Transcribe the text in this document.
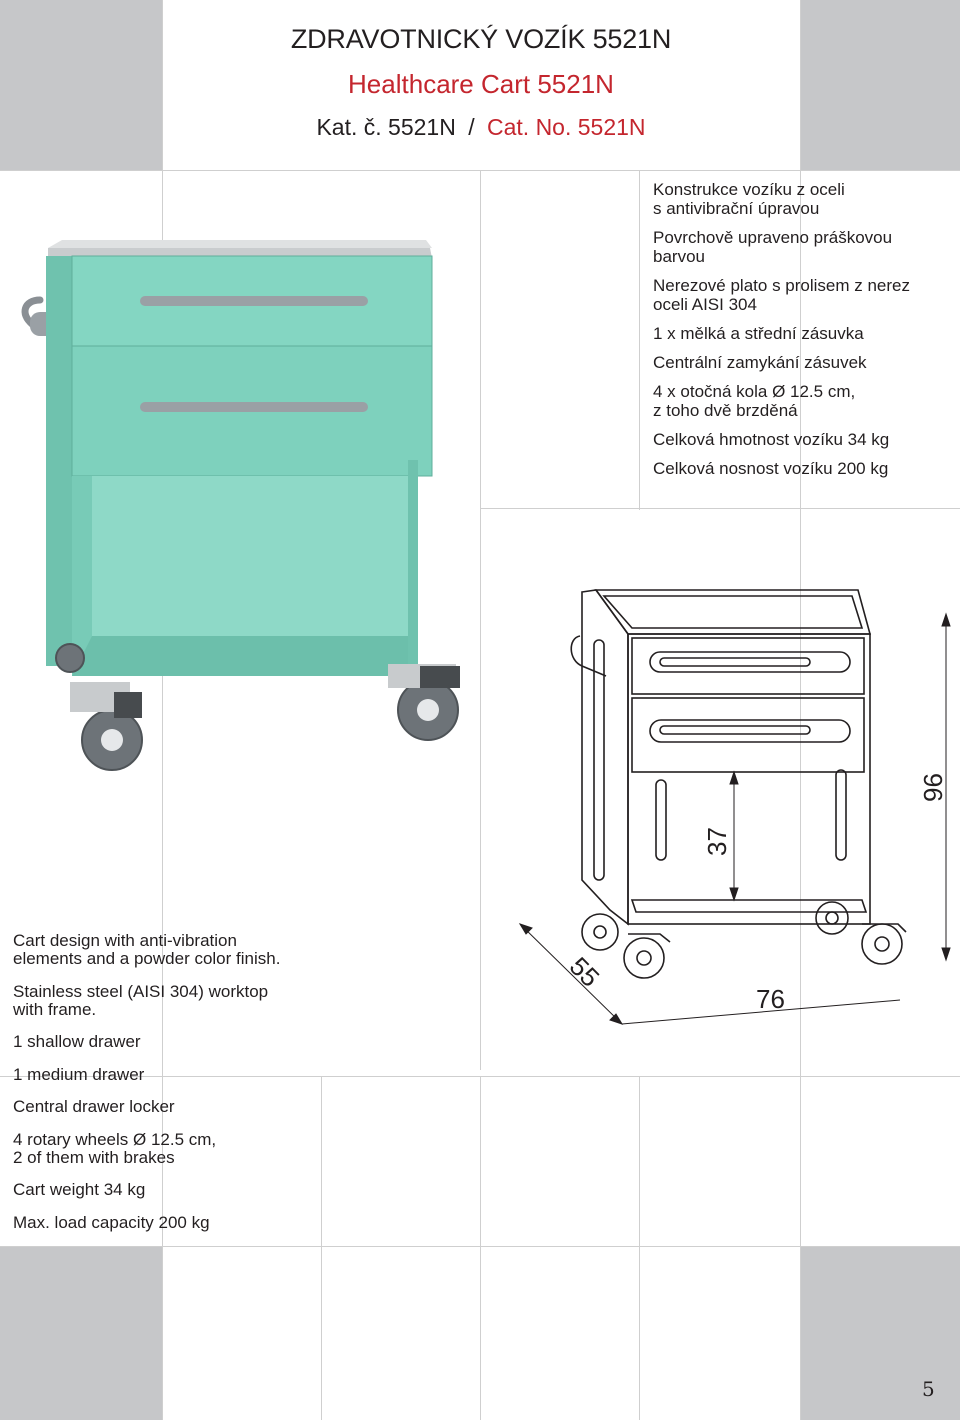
ZDRAVOTNICKÝ VOZÍK 5521N
Healthcare Cart 5521N
Kat. č. 5521N / Cat. No. 5521N
Konstrukce vozíku z oceli
s antivibrační úpravou
Povrchově upraveno práškovou
barvou
Nerezové plato s prolisem z nerez
oceli AISI 304
1 x mělká a střední zásuvka
Centrální zamykání zásuvek
4 x otočná kola Ø 12.5 cm,
z toho dvě brzděná
Celková hmotnost vozíku 34 kg
Celková nosnost vozíku 200 kg
37
96
55
76
Cart design with anti-vibration
elements and a powder color finish.
Stainless steel (AISI 304) worktop
with frame.
1 shallow drawer
1 medium drawer
Central drawer locker
4 rotary wheels Ø 12.5 cm,
2 of them with brakes
Cart weight 34 kg
Max. load capacity 200 kg
5
